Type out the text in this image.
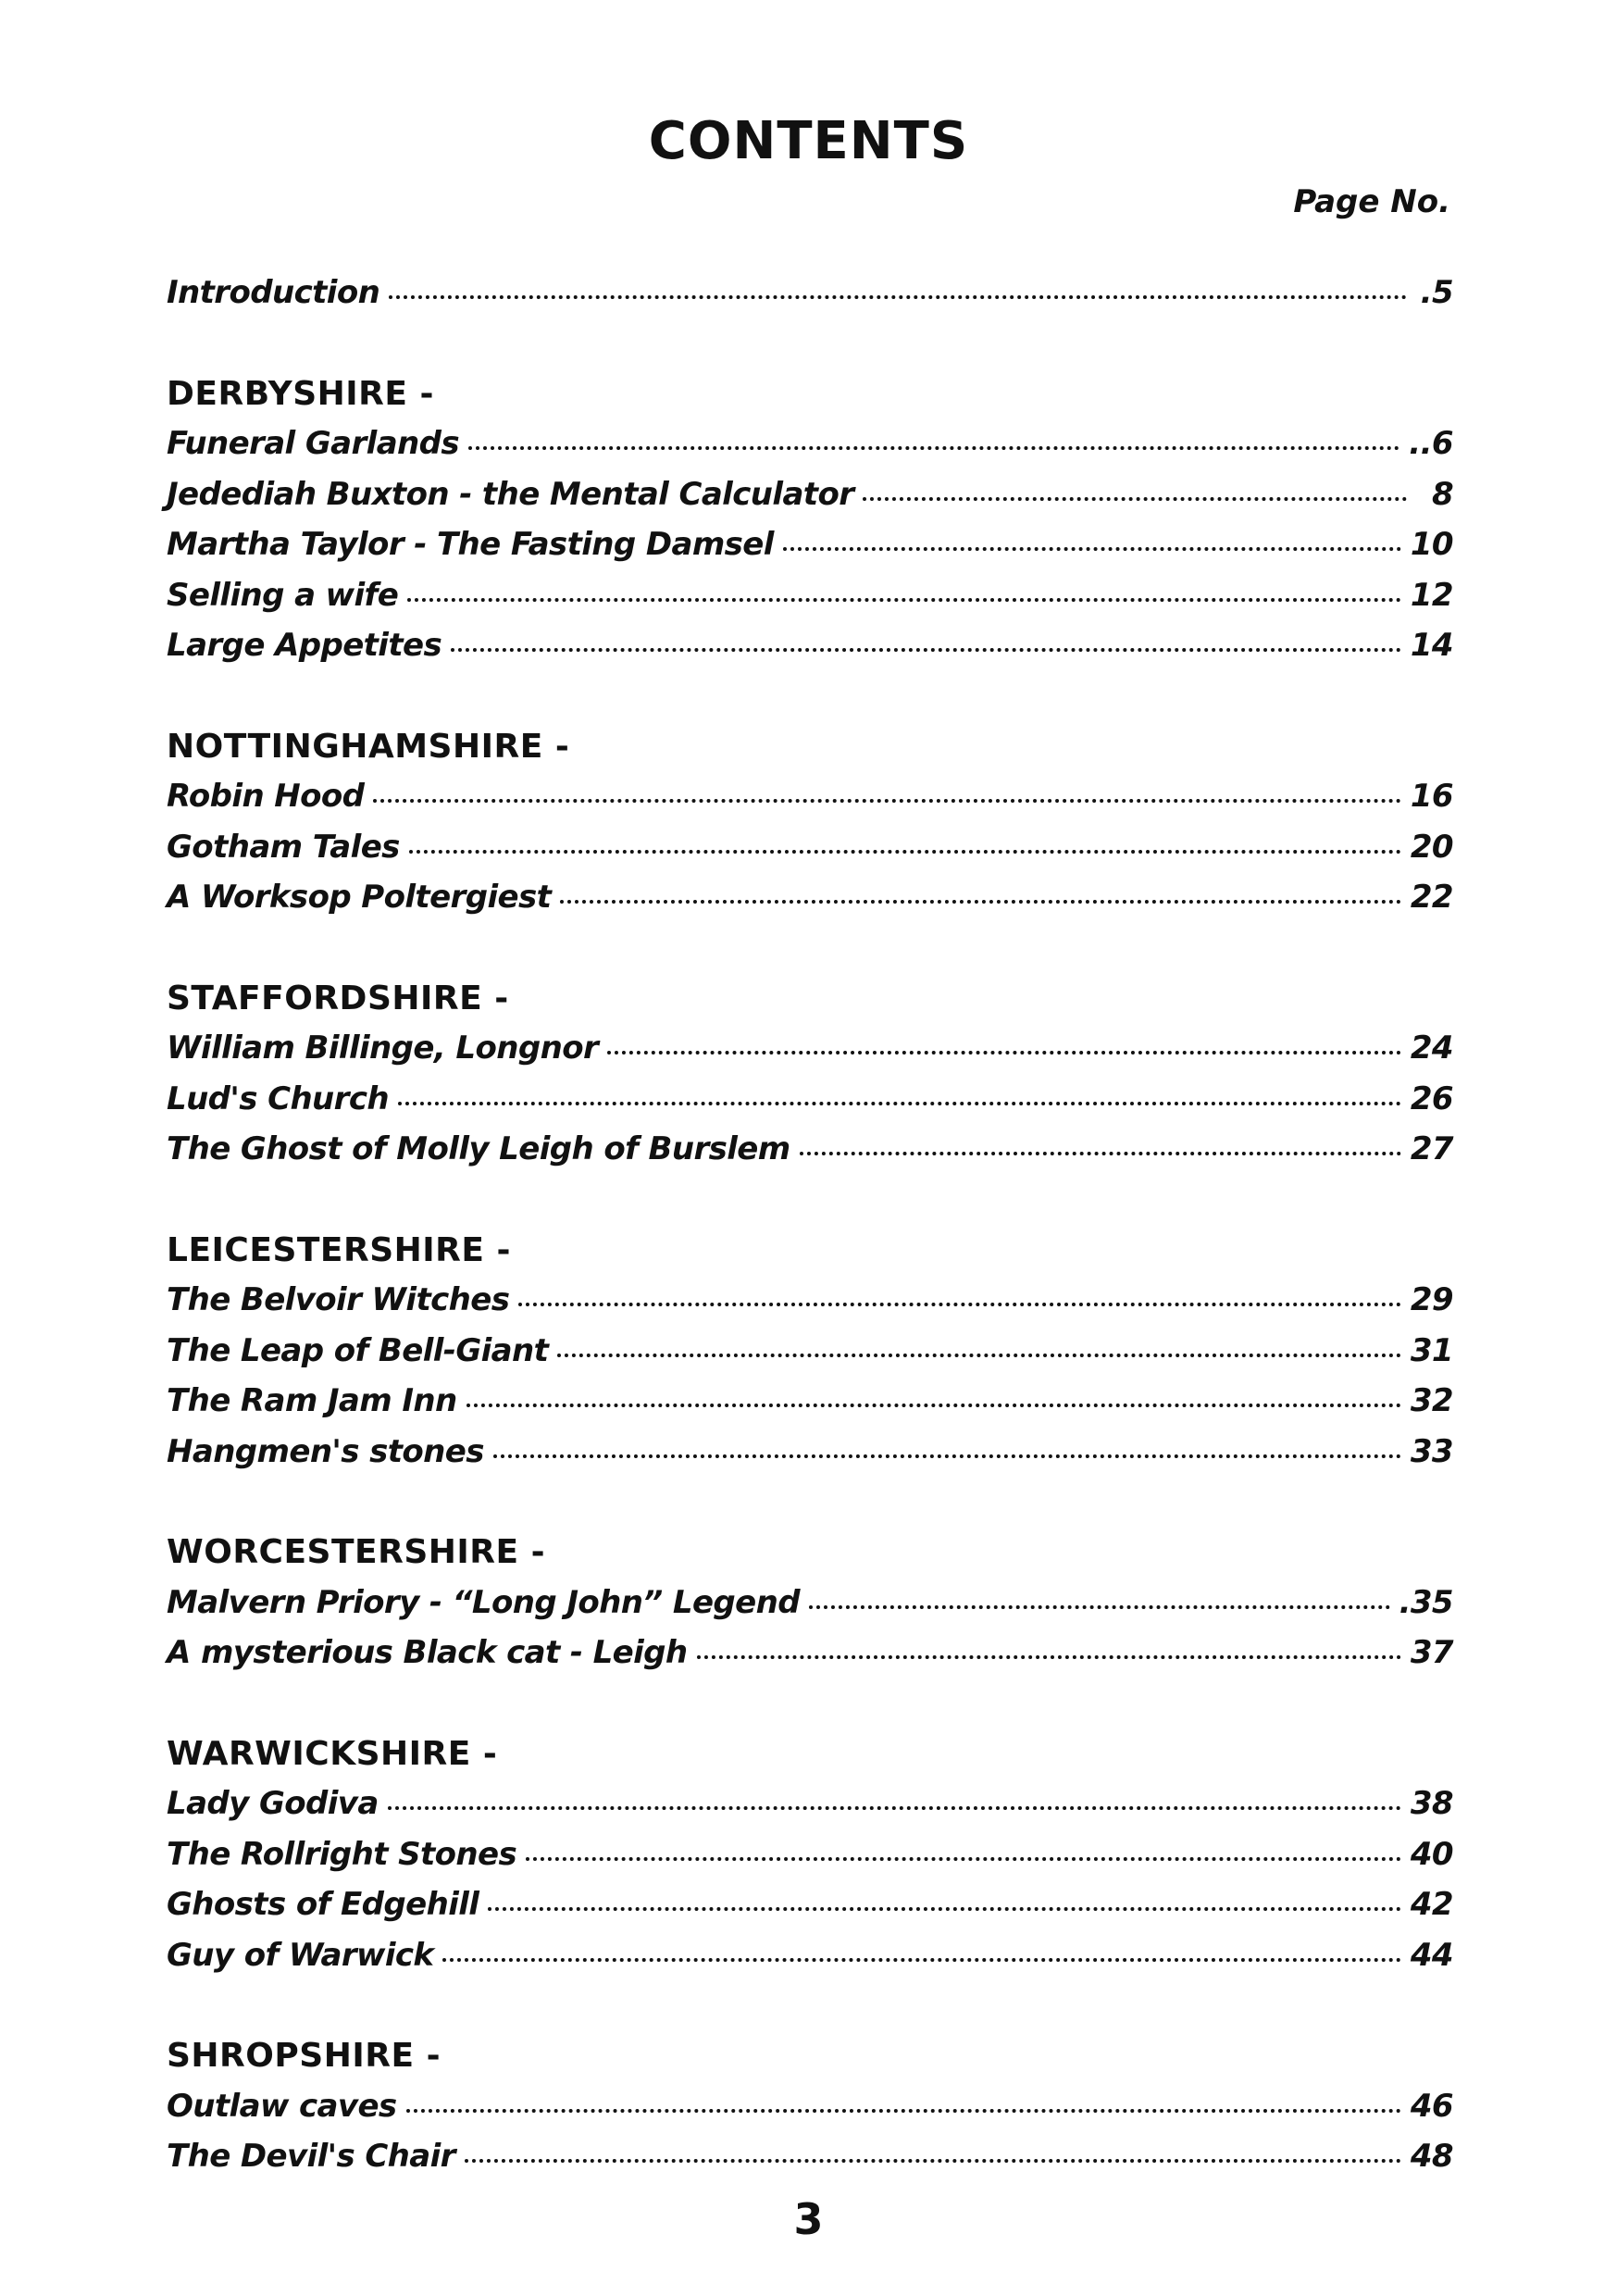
CONTENTS
Page No.
Introduction	.5
DERBYSHIRE -
Funeral Garlands	..6
Jedediah Buxton - the Mental Calculator	8
Martha Taylor - The Fasting Damsel	10
Selling a wife	12
Large Appetites	14
NOTTINGHAMSHIRE -
Robin Hood	16
Gotham Tales	20
A Worksop Poltergiest	22
STAFFORDSHIRE -
William Billinge, Longnor	24
Lud's Church	26
The Ghost of Molly Leigh of Burslem	27
LEICESTERSHIRE -
The Belvoir Witches	29
The Leap of Bell-Giant	31
The Ram Jam Inn	32
Hangmen's stones	33
WORCESTERSHIRE -
Malvern Priory - “Long John” Legend	.35
A mysterious Black cat - Leigh	37
WARWICKSHIRE -
Lady Godiva	38
The Rollright Stones	40
Ghosts of Edgehill	42
Guy of Warwick	44
SHROPSHIRE -
Outlaw caves	46
The Devil's Chair	48
3
